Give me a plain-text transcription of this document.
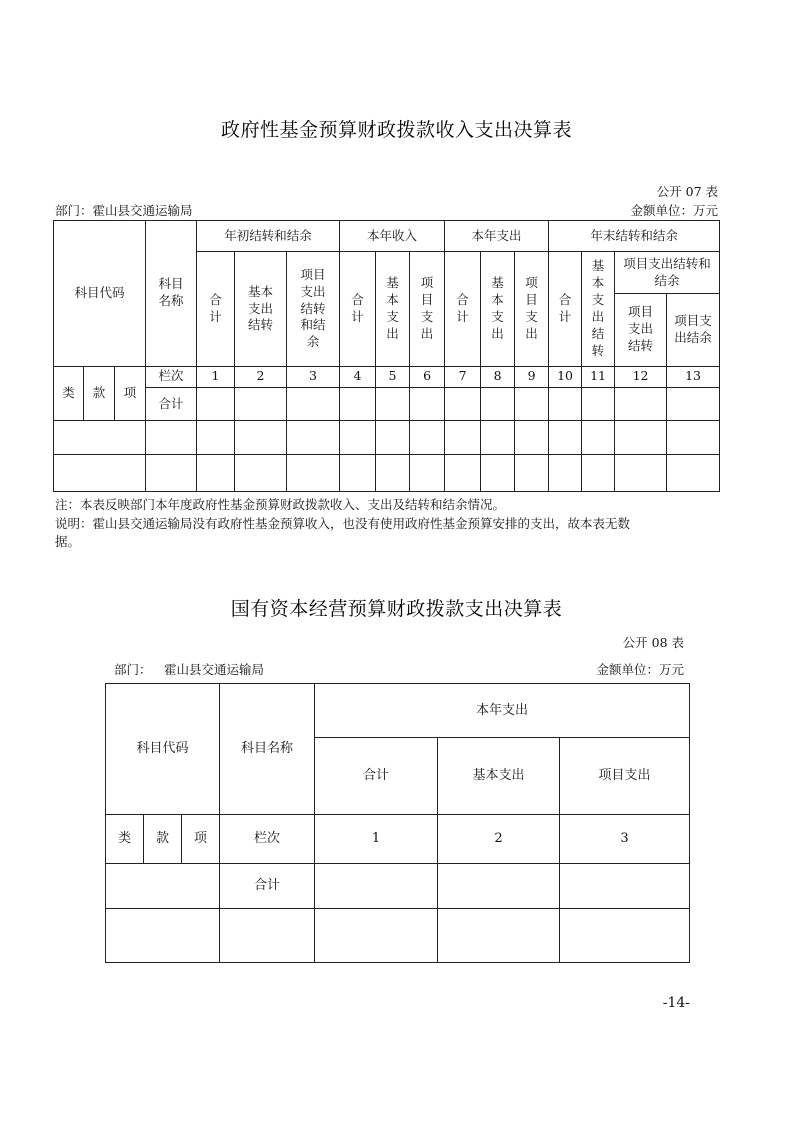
政府性基金预算财政拨款收入支出决算表
公开 07 表
部门：霍山县交通运输局	金额单位：万元
科目代码			科目名称	年初结转和结余			本年收入			本年支出			年末结转和结余			
				合计	基本支出结转	项目支出结转和结余	合计	基本支出	项目支出	合计	基本支出	项目支出	合计	基本支出结转	项目支出结转和结余	
															项目支出结转	项目支出结余

类	款	项	栏次	1	2	3	4	5	6	7	8	9	10	11	12	13
			合计													

注：本表反映部门本年度政府性基金预算财政拨款收入、支出及结转和结余情况。
说明：霍山县交通运输局没有政府性基金预算收入，也没有使用政府性基金预算安排的支出，故本表无数
据。
国有资本经营预算财政拨款支出决算表
公开 08 表
部门： 霍山县交通运输局	金额单位：万元
科目代码			科目名称	本年支出		
				合计	基本支出	项目支出
类	款	项	栏次	1	2	3
			合计			

-14-
